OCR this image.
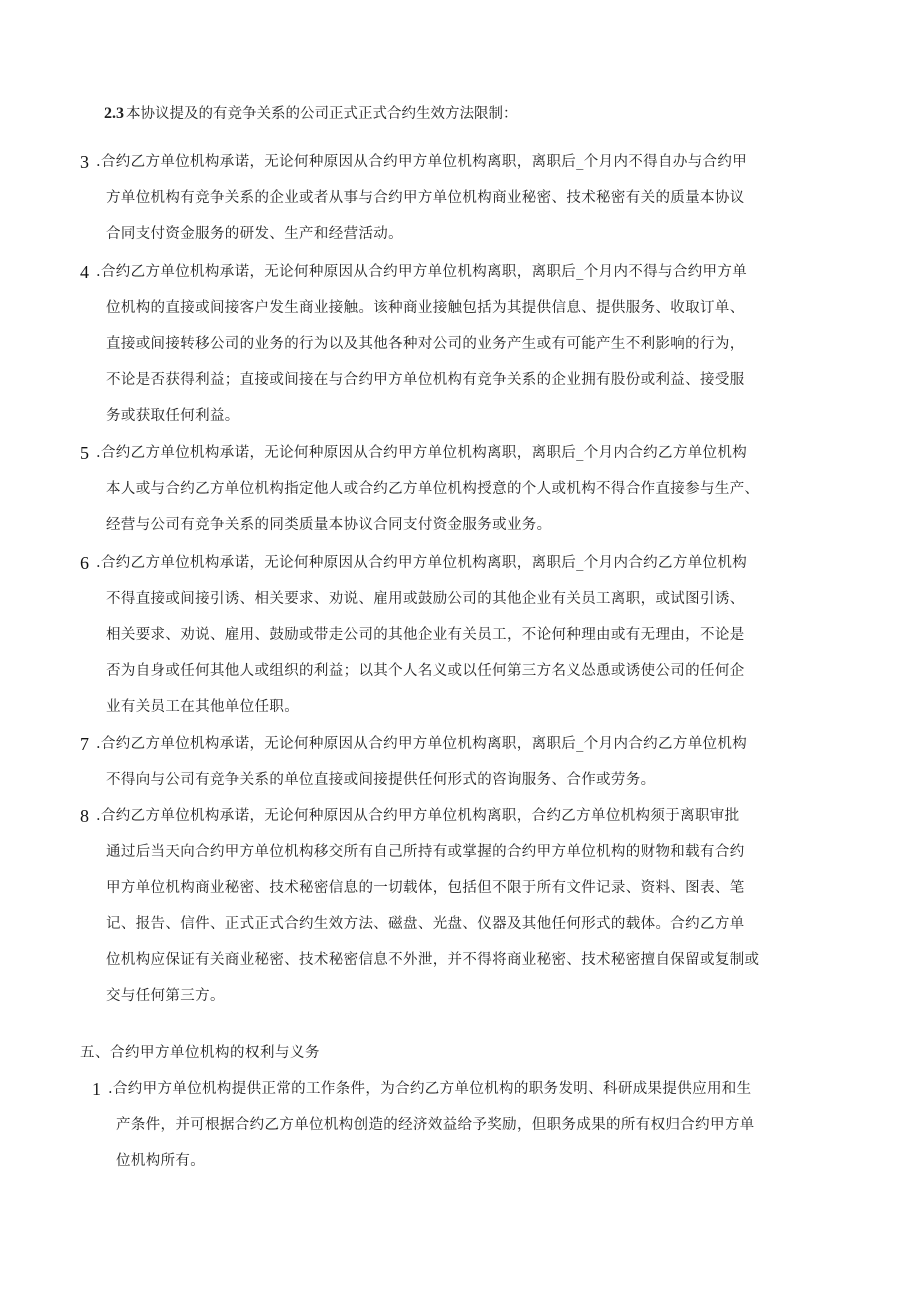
2.3 本协议提及的有竞争关系的公司正式正式合约生效方法限制：
3 .合约乙方单位机构承诺，无论何种原因从合约甲方单位机构离职，离职后_个月内不得自办与合约甲
方单位机构有竞争关系的企业或者从事与合约甲方单位机构商业秘密、技术秘密有关的质量本协议
合同支付资金服务的研发、生产和经营活动。
4 .合约乙方单位机构承诺，无论何种原因从合约甲方单位机构离职，离职后_个月内不得与合约甲方单
位机构的直接或间接客户发生商业接触。该种商业接触包括为其提供信息、提供服务、收取订单、
直接或间接转移公司的业务的行为以及其他各种对公司的业务产生或有可能产生不利影响的行为，
不论是否获得利益；直接或间接在与合约甲方单位机构有竞争关系的企业拥有股份或利益、接受服
务或获取任何利益。
5 .合约乙方单位机构承诺，无论何种原因从合约甲方单位机构离职，离职后_个月内合约乙方单位机构
本人或与合约乙方单位机构指定他人或合约乙方单位机构授意的个人或机构不得合作直接参与生产、
经营与公司有竞争关系的同类质量本协议合同支付资金服务或业务。
6 .合约乙方单位机构承诺，无论何种原因从合约甲方单位机构离职，离职后_个月内合约乙方单位机构
不得直接或间接引诱、相关要求、劝说、雇用或鼓励公司的其他企业有关员工离职，或试图引诱、
相关要求、劝说、雇用、鼓励或带走公司的其他企业有关员工，不论何种理由或有无理由，不论是
否为自身或任何其他人或组织的利益；以其个人名义或以任何第三方名义怂恿或诱使公司的任何企
业有关员工在其他单位任职。
7 .合约乙方单位机构承诺，无论何种原因从合约甲方单位机构离职，离职后_个月内合约乙方单位机构
不得向与公司有竞争关系的单位直接或间接提供任何形式的咨询服务、合作或劳务。
8 .合约乙方单位机构承诺，无论何种原因从合约甲方单位机构离职，合约乙方单位机构须于离职审批
通过后当天向合约甲方单位机构移交所有自己所持有或掌握的合约甲方单位机构的财物和载有合约
甲方单位机构商业秘密、技术秘密信息的一切载体，包括但不限于所有文件记录、资料、图表、笔
记、报告、信件、正式正式合约生效方法、磁盘、光盘、仪器及其他任何形式的载体。合约乙方单
位机构应保证有关商业秘密、技术秘密信息不外泄，并不得将商业秘密、技术秘密擅自保留或复制或
交与任何第三方。
五、合约甲方单位机构的权利与义务
1 .合约甲方单位机构提供正常的工作条件，为合约乙方单位机构的职务发明、科研成果提供应用和生
产条件，并可根据合约乙方单位机构创造的经济效益给予奖励，但职务成果的所有权归合约甲方单
位机构所有。
